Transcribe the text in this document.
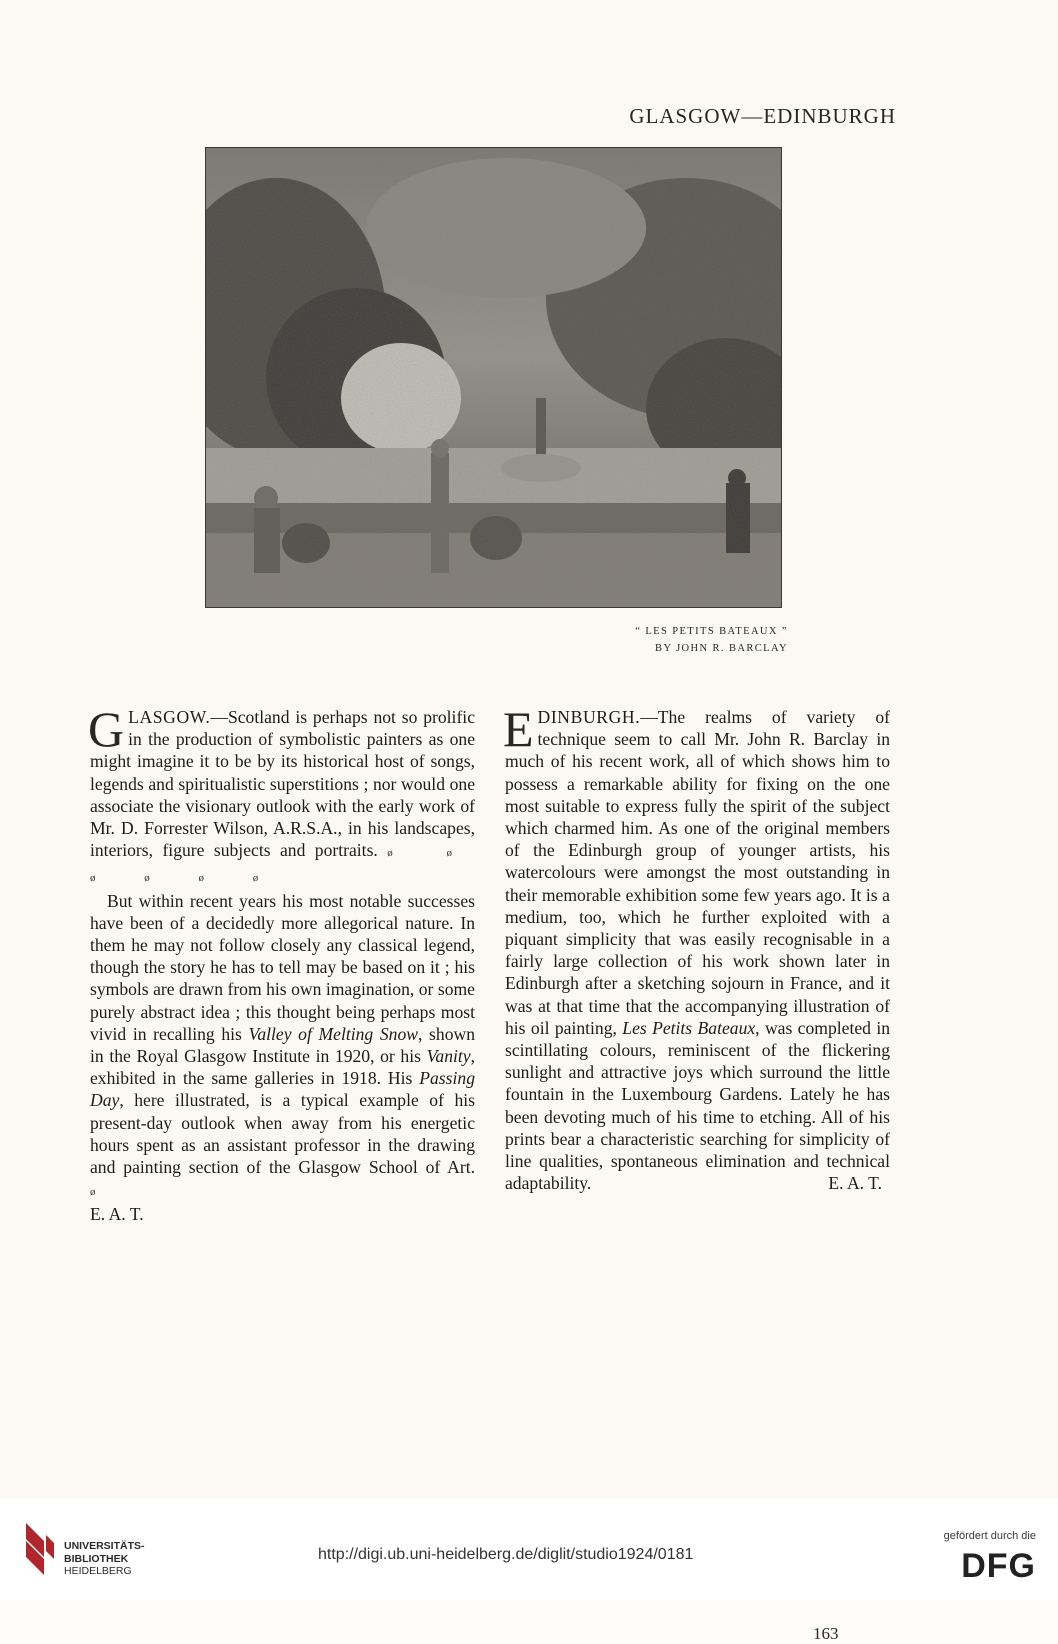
GLASGOW—EDINBURGH
“ LES PETITS BATEAUX ”
BY JOHN R. BARCLAY

GLASGOW.—Scotland is perhaps not so prolific in the production of symbolistic painters as one might imagine it to be by its historical host of songs, legends and spiritualistic superstitions ; nor would one associate the visionary outlook with the early work of Mr. D. Forrester Wilson, A.R.S.A., in his landscapes, interiors, figure subjects and portraits. ø ø ø ø ø ø

But within recent years his most notable successes have been of a decidedly more allegorical nature. In them he may not follow closely any classical legend, though the story he has to tell may be based on it ; his symbols are drawn from his own imagination, or some purely abstract idea ; this thought being perhaps most vivid in recalling his Valley of Melting Snow, shown in the Royal Glasgow Institute in 1920, or his Vanity, exhibited in the same galleries in 1918. His Passing Day, here illustrated, is a typical example of his present-day outlook when away from his energetic hours spent as an assistant professor in the drawing and painting section of the Glasgow School of Art. ø

E. A. T.

EDINBURGH.—The realms of variety of technique seem to call Mr. John R. Barclay in much of his recent work, all of which shows him to possess a remarkable ability for fixing on the one most suitable to express fully the spirit of the subject which charmed him. As one of the original members of the Edinburgh group of younger artists, his watercolours were amongst the most outstanding in their memorable exhibition some few years ago. It is a medium, too, which he further exploited with a piquant simplicity that was easily recognisable in a fairly large collection of his work shown later in Edinburgh after a sketching sojourn in France, and it was at that time that the accompanying illustration of his oil painting, Les Petits Bateaux, was completed in scintillating colours, reminiscent of the flickering sunlight and attractive joys which surround the little fountain in the Luxembourg Gardens. Lately he has been devoting much of his time to etching. All of his prints bear a characteristic searching for simplicity of line qualities, spontaneous elimination and technical adaptability.	E. A. T.

163
UNIVERSITÄTS-
BIBLIOTHEK
HEIDELBERG
http://digi.ub.uni-heidelberg.de/diglit/studio1924/0181
gefördert durch die
DFG
